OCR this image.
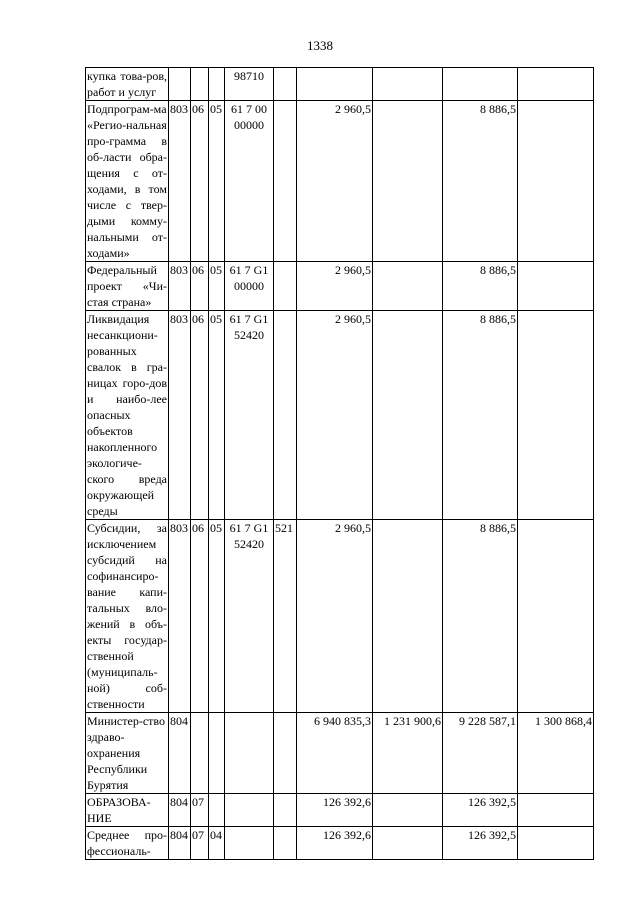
1338
купка това-ров, работ и услуг				98710					
Подпрограм-ма «Регио-нальная про-грамма в об-ласти обра-щения с от-ходами, в том числе с твер-дыми комму-нальными от-ходами»	803	06	05	61 7 00 00000		2 960,5		8 886,5	
Федеральный проект «Чи-стая страна»	803	06	05	61 7 G1 00000		2 960,5		8 886,5	
Ликвидация несанкциони-рованных свалок в гра-ницах горо-дов и наибо-лее опасных объектов накопленного экологиче-ского вреда окружающей среды	803	06	05	61 7 G1 52420		2 960,5		8 886,5	
Субсидии, за исключением субсидий на софинансиро-вание капи-тальных вло-жений в объ-екты государ-ственной (муниципаль-ной) соб-ственности	803	06	05	61 7 G1 52420	521	2 960,5		8 886,5	
Министер-ство здраво-охранения Республики Бурятия	804					6 940 835,3	1 231 900,6	9 228 587,1	1 300 868,4
ОБРАЗОВА-НИЕ	804	07				126 392,6		126 392,5	
Среднее про-фессиональ-	804	07	04			126 392,6		126 392,5	
